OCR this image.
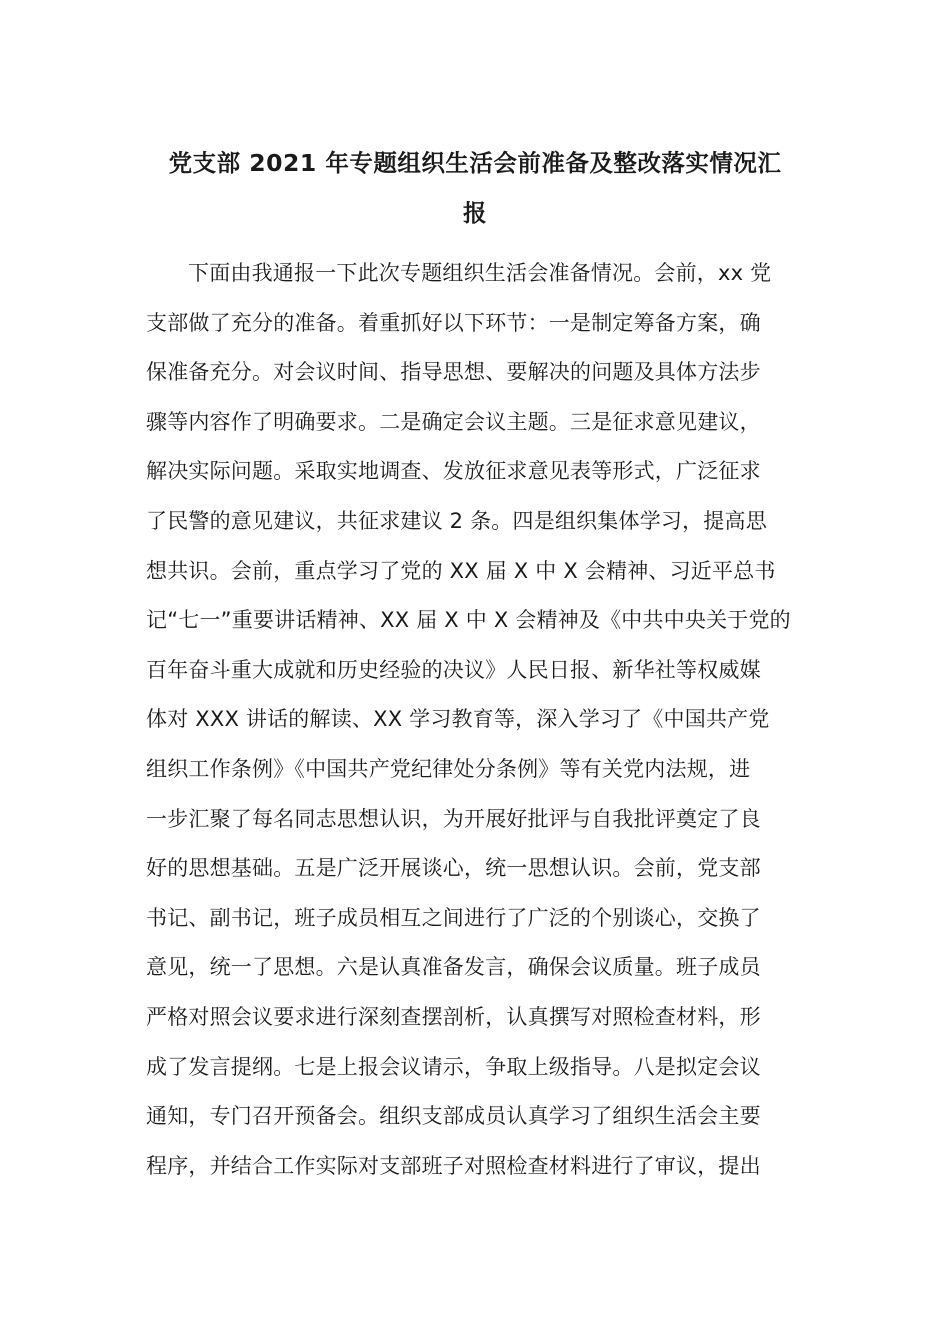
党支部 2021 年专题组织生活会前准备及整改落实情况汇
报
下面由我通报一下此次专题组织生活会准备情况。会前，xx 党
支部做了充分的准备。着重抓好以下环节：一是制定筹备方案，确
保准备充分。对会议时间、指导思想、要解决的问题及具体方法步
骤等内容作了明确要求。二是确定会议主题。三是征求意见建议，
解决实际问题。采取实地调查、发放征求意见表等形式，广泛征求
了民警的意见建议，共征求建议 2 条。四是组织集体学习，提高思
想共识。会前，重点学习了党的 XX 届 X 中 X 会精神、习近平总书
记“七一”重要讲话精神、XX 届 X 中 X 会精神及《中共中央关于党的
百年奋斗重大成就和历史经验的决议》人民日报、新华社等权威媒
体对 XXX 讲话的解读、XX 学习教育等，深入学习了《中国共产党
组织工作条例》《中国共产党纪律处分条例》等有关党内法规，进
一步汇聚了每名同志思想认识，为开展好批评与自我批评奠定了良
好的思想基础。五是广泛开展谈心，统一思想认识。会前，党支部
书记、副书记，班子成员相互之间进行了广泛的个别谈心，交换了
意见，统一了思想。六是认真准备发言，确保会议质量。班子成员
严格对照会议要求进行深刻查摆剖析，认真撰写对照检查材料，形
成了发言提纲。七是上报会议请示，争取上级指导。八是拟定会议
通知，专门召开预备会。组织支部成员认真学习了组织生活会主要
程序，并结合工作实际对支部班子对照检查材料进行了审议，提出
